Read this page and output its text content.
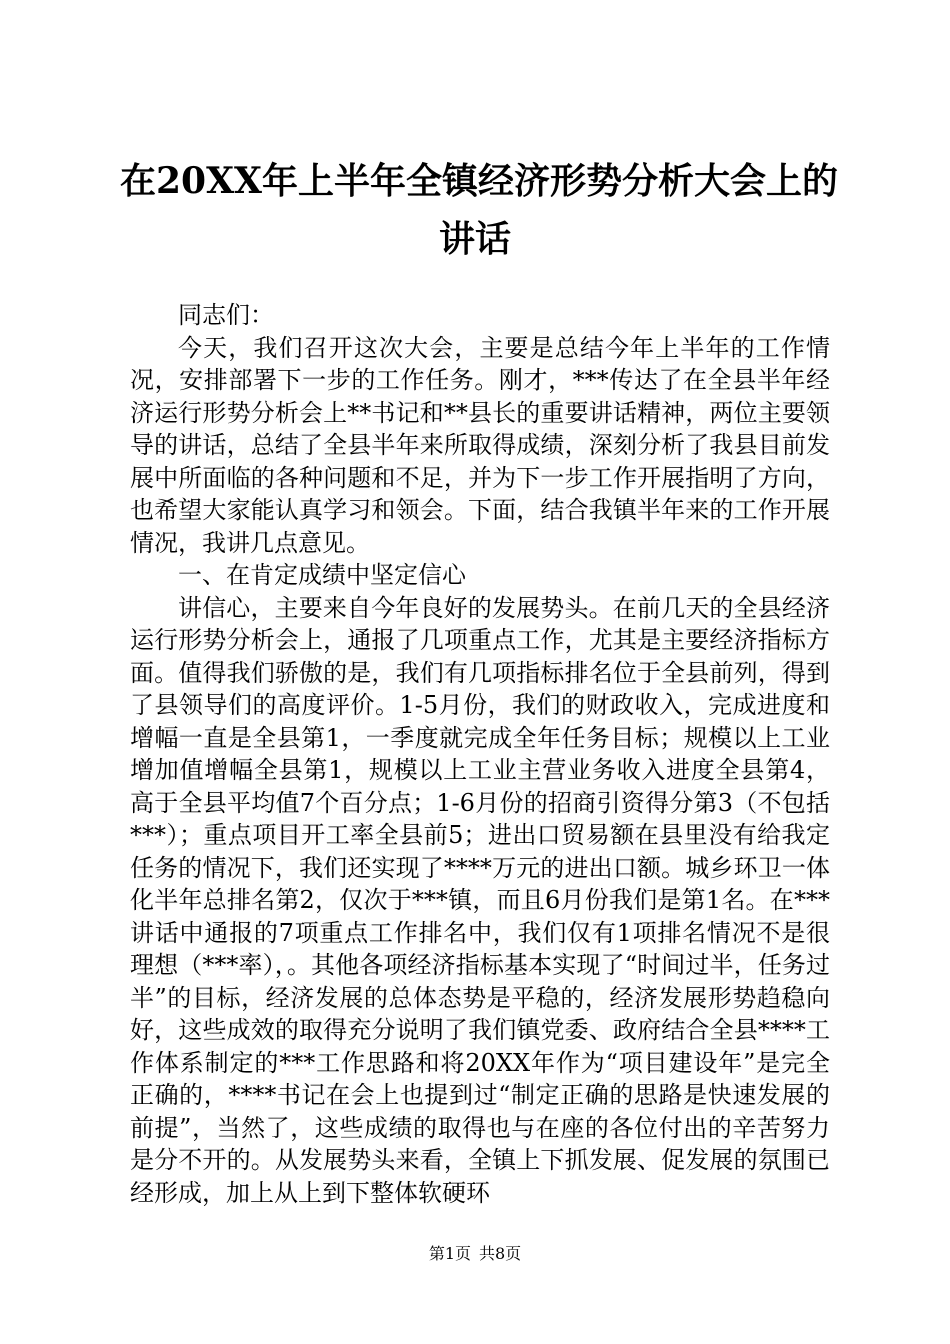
在20XX年上半年全镇经济形势分析大会上的
讲话

同志们：

今天，我们召开这次大会，主要是总结今年上半年的工作情况，安排部署下一步的工作任务。刚才，***传达了在全县半年经济运行形势分析会上**书记和**县长的重要讲话精神，两位主要领导的讲话，总结了全县半年来所取得成绩，深刻分析了我县目前发展中所面临的各种问题和不足，并为下一步工作开展指明了方向，也希望大家能认真学习和领会。下面，结合我镇半年来的工作开展情况，我讲几点意见。

一、在肯定成绩中坚定信心

讲信心，主要来自今年良好的发展势头。在前几天的全县经济运行形势分析会上，通报了几项重点工作，尤其是主要经济指标方面。值得我们骄傲的是，我们有几项指标排名位于全县前列，得到了县领导们的高度评价。1-5月份，我们的财政收入，完成进度和增幅一直是全县第1，一季度就完成全年任务目标；规模以上工业增加值增幅全县第1，规模以上工业主营业务收入进度全县第4，高于全县平均值7个百分点；1-6月份的招商引资得分第3（不包括***）；重点项目开工率全县前5；进出口贸易额在县里没有给我定任务的情况下，我们还实现了****万元的进出口额。城乡环卫一体化半年总排名第2，仅次于***镇，而且6月份我们是第1名。在***讲话中通报的7项重点工作排名中，我们仅有1项排名情况不是很理想（***率），。其他各项经济指标基本实现了“时间过半，任务过半”的目标，经济发展的总体态势是平稳的，经济发展形势趋稳向好，这些成效的取得充分说明了我们镇党委、政府结合全县****工作体系制定的***工作思路和将20XX年作为“项目建设年”是完全正确的，****书记在会上也提到过“制定正确的思路是快速发展的前提”，当然了，这些成绩的取得也与在座的各位付出的辛苦努力是分不开的。从发展势头来看，全镇上下抓发展、促发展的氛围已经形成，加上从上到下整体软硬环

第1页 共8页
